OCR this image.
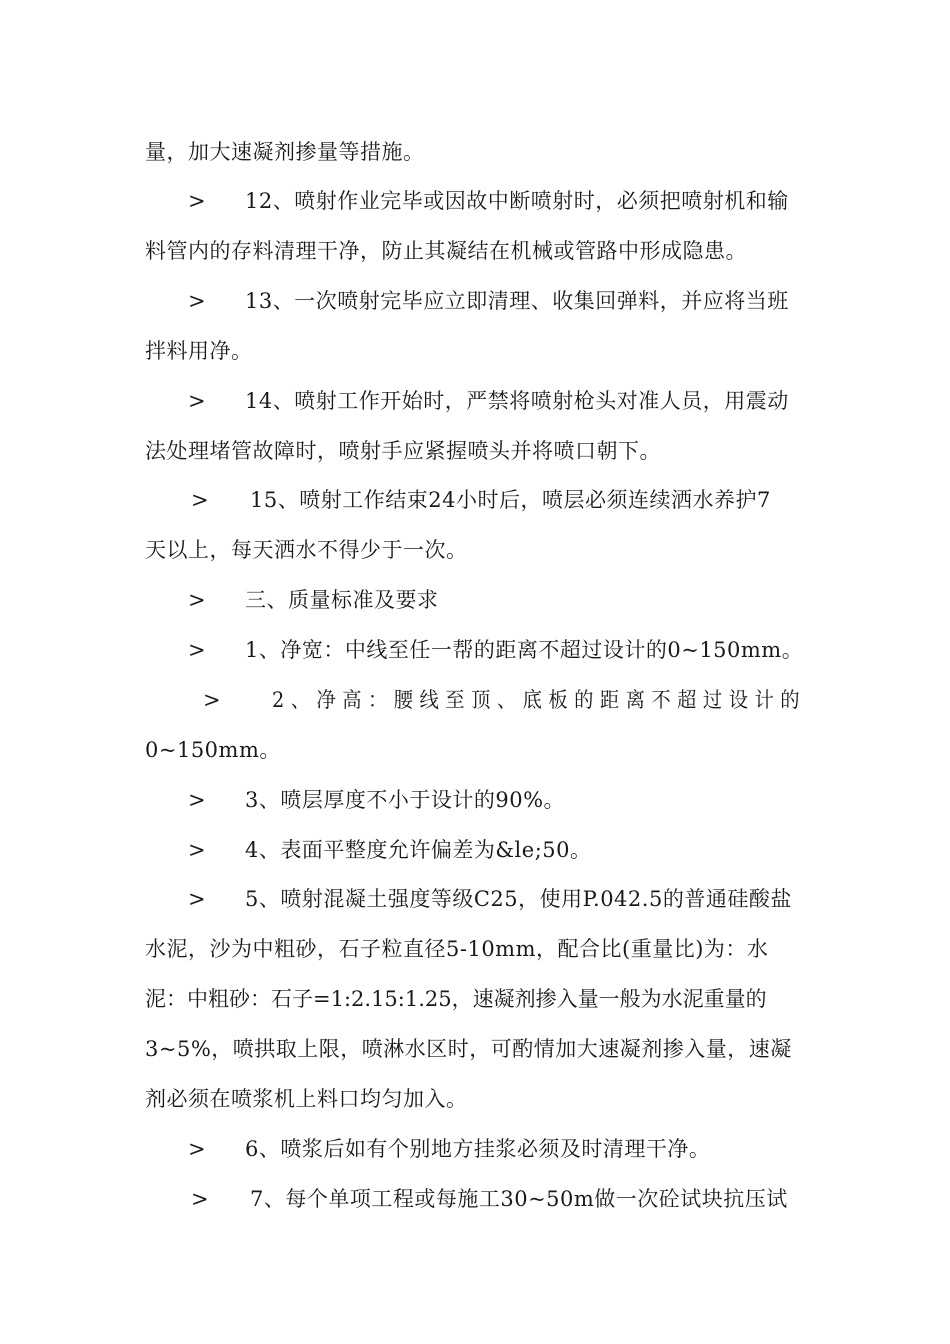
量，加大速凝剂掺量等措施。
> 12、喷射作业完毕或因故中断喷射时，必须把喷射机和输
料管内的存料清理干净，防止其凝结在机械或管路中形成隐患。
> 13、一次喷射完毕应立即清理、收集回弹料，并应将当班
拌料用净。
> 14、喷射工作开始时，严禁将喷射枪头对准人员，用震动
法处理堵管故障时，喷射手应紧握喷头并将喷口朝下。
> 15、喷射工作结束24小时后，喷层必须连续洒水养护7
天以上，每天洒水不得少于一次。
> 三、质量标准及要求
> 1、净宽：中线至任一帮的距离不超过设计的0~150mm。
> 2、净高：腰线至顶、底板的距离不超过设计的
0~150mm。
> 3、喷层厚度不小于设计的90%。
> 4、表面平整度允许偏差为&le;50。
> 5、喷射混凝土强度等级C25，使用P.042.5的普通硅酸盐
水泥，沙为中粗砂，石子粒直径5-10mm，配合比(重量比)为：水
泥：中粗砂：石子=1:2.15:1.25，速凝剂掺入量一般为水泥重量的
3~5%，喷拱取上限，喷淋水区时，可酌情加大速凝剂掺入量，速凝
剂必须在喷浆机上料口均匀加入。
> 6、喷浆后如有个别地方挂浆必须及时清理干净。
> 7、每个单项工程或每施工30~50m做一次砼试块抗压试
